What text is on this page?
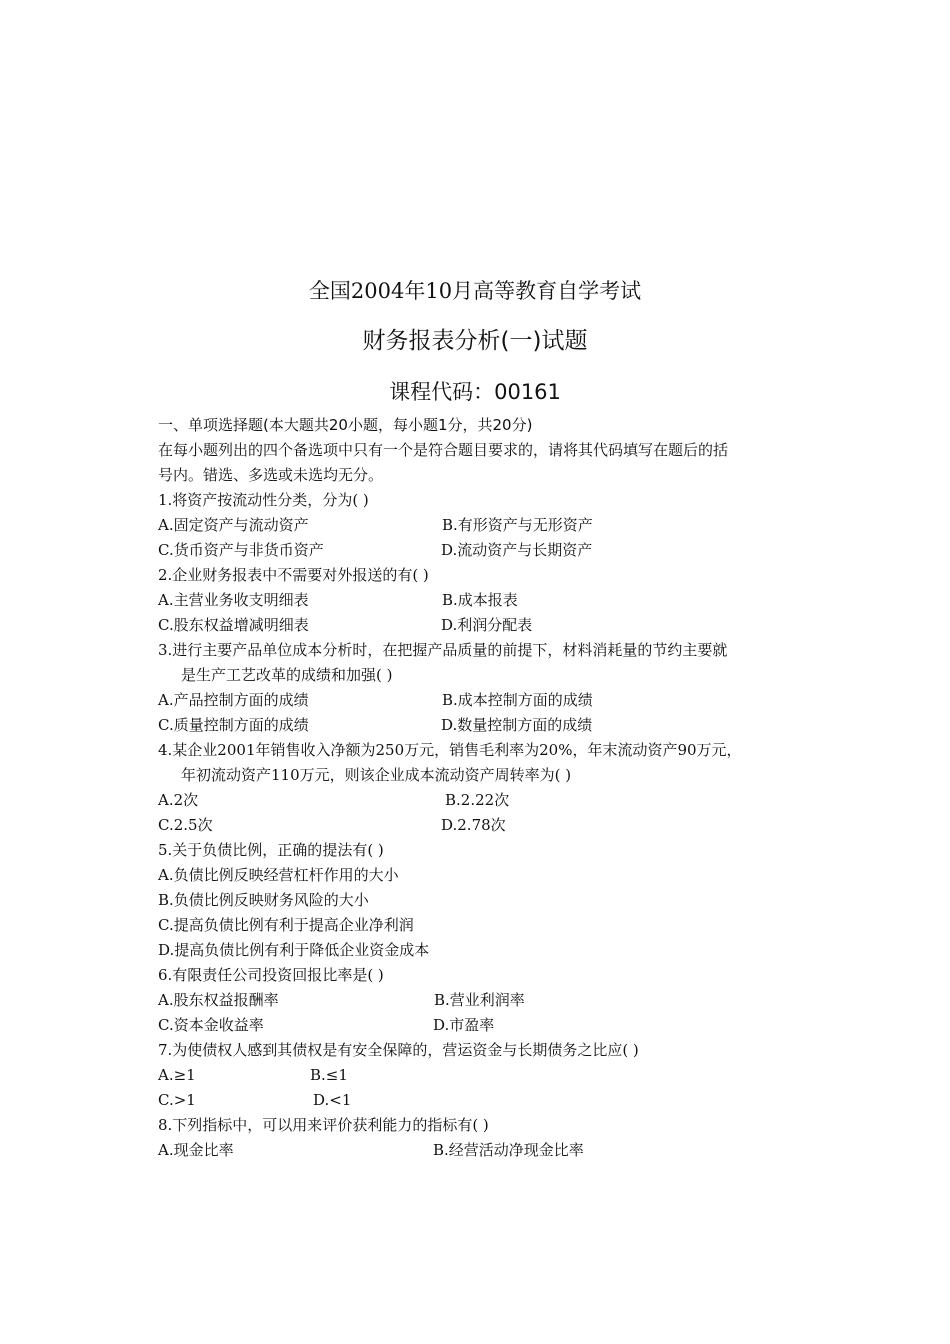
全国2004年10月高等教育自学考试
财务报表分析(一)试题
课程代码：00161
一、单项选择题(本大题共20小题，每小题1分，共20分)
在每小题列出的四个备选项中只有一个是符合题目要求的，请将其代码填写在题后的括
号内。错选、多选或未选均无分。
1.将资产按流动性分类，分为( )
A.固定资产与流动资产	B.有形资产与无形资产
C.货币资产与非货币资产	D.流动资产与长期资产
2.企业财务报表中不需要对外报送的有( )
A.主营业务收支明细表	B.成本报表
C.股东权益增减明细表	D.利润分配表
3.进行主要产品单位成本分析时，在把握产品质量的前提下，材料消耗量的节约主要就
是生产工艺改革的成绩和加强( )
A.产品控制方面的成绩	B.成本控制方面的成绩
C.质量控制方面的成绩	D.数量控制方面的成绩
4.某企业2001年销售收入净额为250万元，销售毛利率为20%，年末流动资产90万元，
年初流动资产110万元，则该企业成本流动资产周转率为( )
A.2次	B.2.22次
C.2.5次	D.2.78次
5.关于负债比例，正确的提法有( )
A.负债比例反映经营杠杆作用的大小
B.负债比例反映财务风险的大小
C.提高负债比例有利于提高企业净利润
D.提高负债比例有利于降低企业资金成本
6.有限责任公司投资回报比率是( )
A.股东权益报酬率	B.营业利润率
C.资本金收益率	D.市盈率
7.为使债权人感到其债权是有安全保障的，营运资金与长期债务之比应( )
A.≥1	B.≤1
C.>1	D.<1
8.下列指标中，可以用来评价获利能力的指标有( )
A.现金比率	B.经营活动净现金比率
